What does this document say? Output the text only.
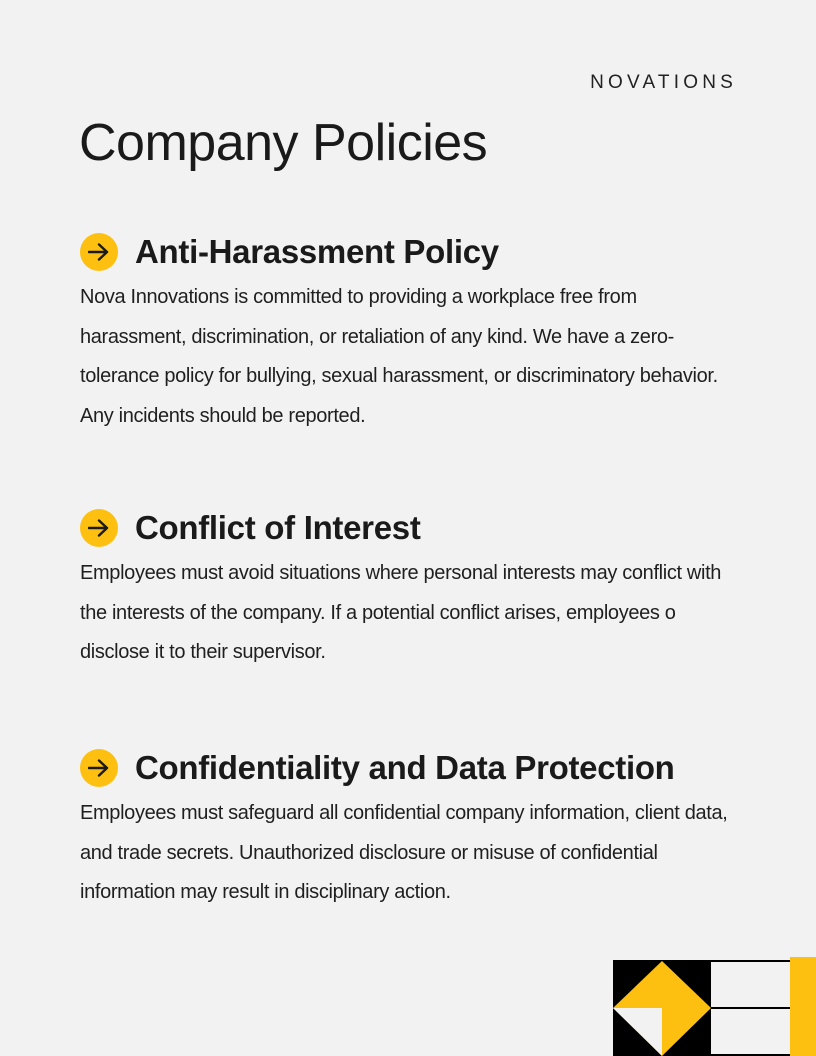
NOVATIONS
Company Policies
Anti-Harassment Policy

Nova Innovations is committed to providing a workplace free from harassment, discrimination, or retaliation of any kind. We have a zero-tolerance policy for bullying, sexual harassment, or discriminatory behavior. Any incidents should be reported.

Conflict of Interest

Employees must avoid situations where personal interests may conflict with the interests of the company. If a potential conflict arises, employees o disclose it to their supervisor.

Confidentiality and Data Protection

Employees must safeguard all confidential company information, client data, and trade secrets. Unauthorized disclosure or misuse of confidential information may result in disciplinary action.
